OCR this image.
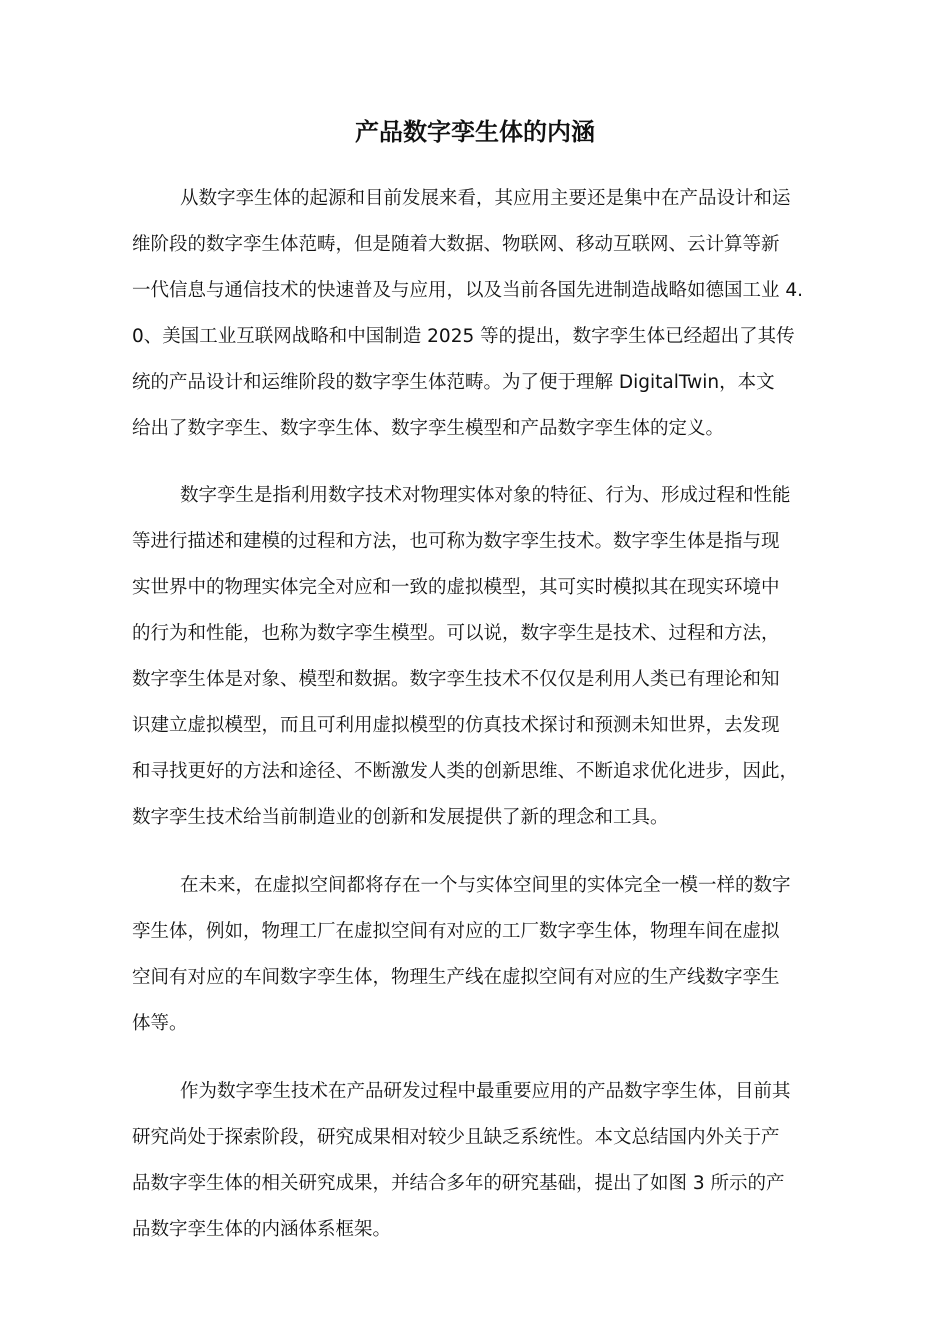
产品数字孪生体的内涵
从数字孪生体的起源和目前发展来看，其应用主要还是集中在产品设计和运
维阶段的数字孪生体范畴，但是随着大数据、物联网、移动互联网、云计算等新
一代信息与通信技术的快速普及与应用，以及当前各国先进制造战略如德国工业 4.
0、美国工业互联网战略和中国制造 2025 等的提出，数字孪生体已经超出了其传
统的产品设计和运维阶段的数字孪生体范畴。为了便于理解 DigitalTwin，本文
给出了数字孪生、数字孪生体、数字孪生模型和产品数字孪生体的定义。
数字孪生是指利用数字技术对物理实体对象的特征、行为、形成过程和性能
等进行描述和建模的过程和方法，也可称为数字孪生技术。数字孪生体是指与现
实世界中的物理实体完全对应和一致的虚拟模型，其可实时模拟其在现实环境中
的行为和性能，也称为数字孪生模型。可以说，数字孪生是技术、过程和方法，
数字孪生体是对象、模型和数据。数字孪生技术不仅仅是利用人类已有理论和知
识建立虚拟模型，而且可利用虚拟模型的仿真技术探讨和预测未知世界，去发现
和寻找更好的方法和途径、不断激发人类的创新思维、不断追求优化进步，因此，
数字孪生技术给当前制造业的创新和发展提供了新的理念和工具。
在未来，在虚拟空间都将存在一个与实体空间里的实体完全一模一样的数字
孪生体，例如，物理工厂在虚拟空间有对应的工厂数字孪生体，物理车间在虚拟
空间有对应的车间数字孪生体，物理生产线在虚拟空间有对应的生产线数字孪生
体等。
作为数字孪生技术在产品研发过程中最重要应用的产品数字孪生体，目前其
研究尚处于探索阶段，研究成果相对较少且缺乏系统性。本文总结国内外关于产
品数字孪生体的相关研究成果，并结合多年的研究基础，提出了如图 3 所示的产
品数字孪生体的内涵体系框架。
